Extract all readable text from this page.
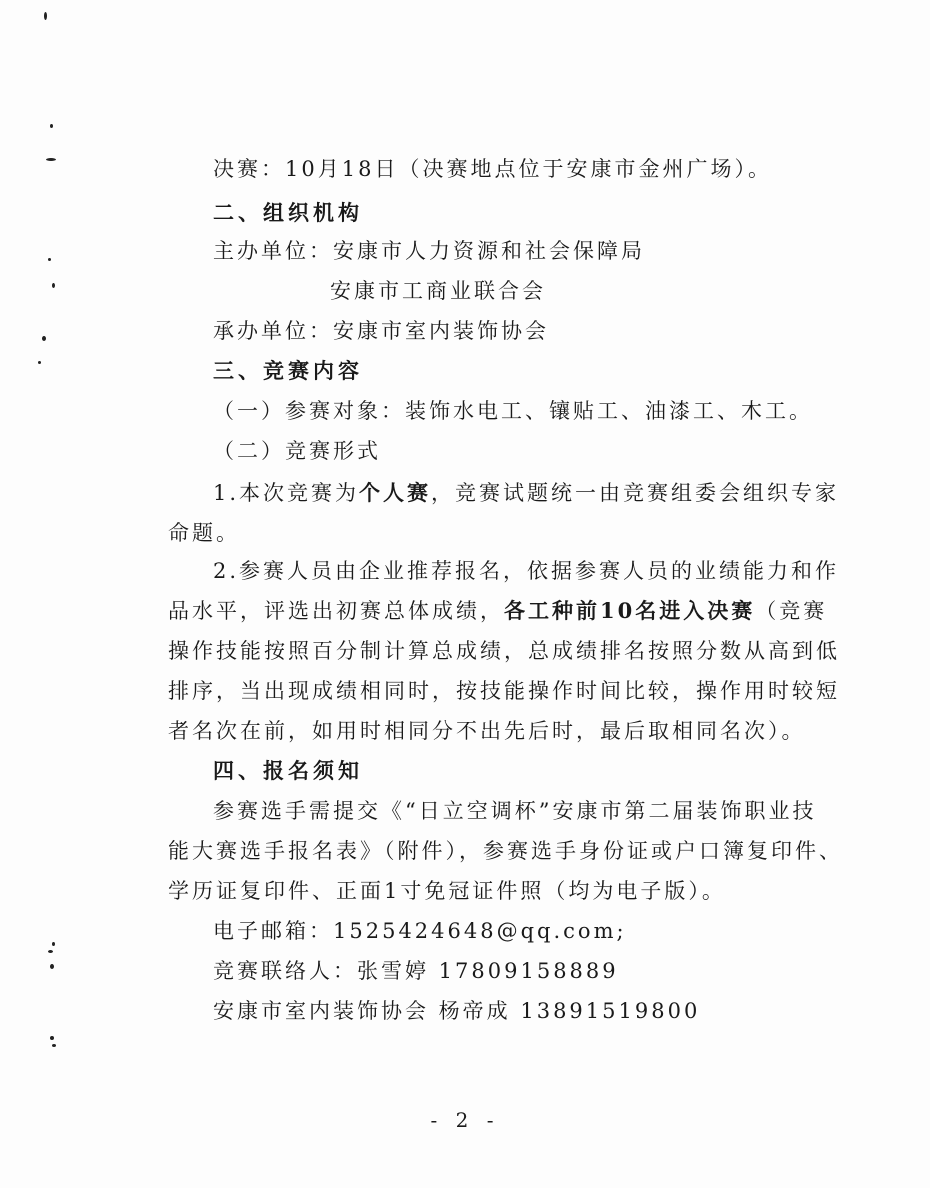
决赛：10月18日（决赛地点位于安康市金州广场）。
二、组织机构
主办单位：安康市人力资源和社会保障局
安康市工商业联合会
承办单位：安康市室内装饰协会
三、竞赛内容
（一）参赛对象：装饰水电工、镶贴工、油漆工、木工。
（二）竞赛形式
1.本次竞赛为个人赛，竞赛试题统一由竞赛组委会组织专家
命题。
2.参赛人员由企业推荐报名，依据参赛人员的业绩能力和作
品水平，评选出初赛总体成绩，各工种前10名进入决赛（竞赛
操作技能按照百分制计算总成绩，总成绩排名按照分数从高到低
排序，当出现成绩相同时，按技能操作时间比较，操作用时较短
者名次在前，如用时相同分不出先后时，最后取相同名次）。
四、报名须知
参赛选手需提交《“日立空调杯”安康市第二届装饰职业技
能大赛选手报名表》（附件），参赛选手身份证或户口簿复印件、
学历证复印件、正面1寸免冠证件照（均为电子版）。
电子邮箱：1525424648@qq.com;
竞赛联络人：张雪婷 17809158889
安康市室内装饰协会 杨帝成 13891519800
- 2 -
